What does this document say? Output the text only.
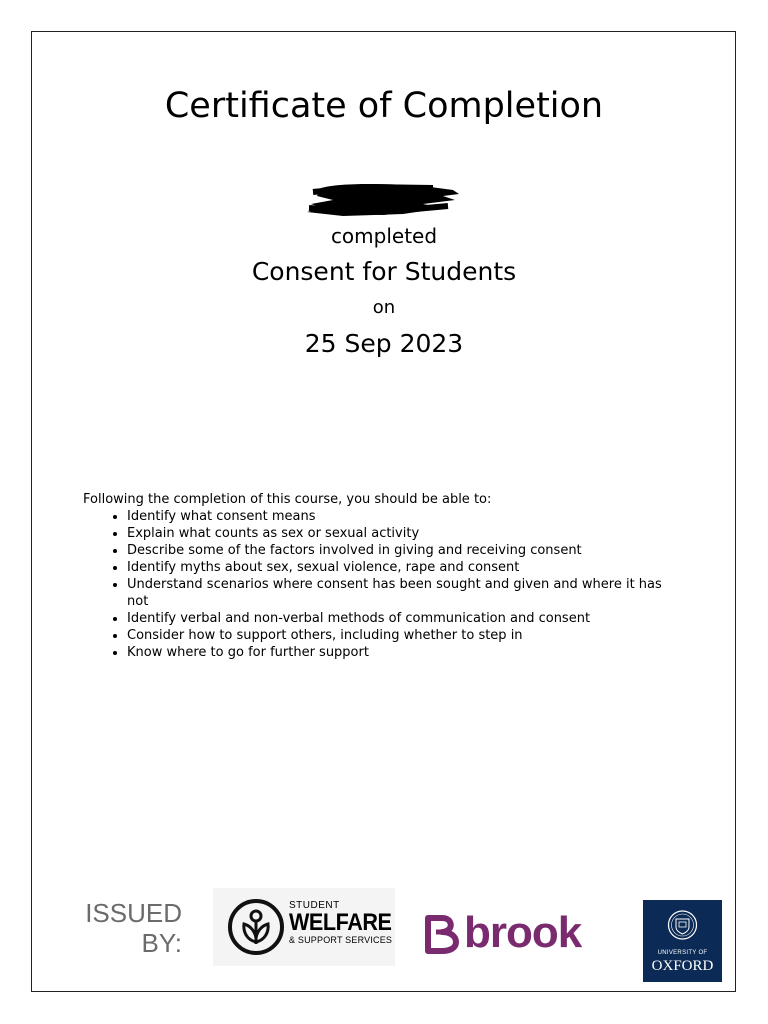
Certificate of Completion
completed
Consent for Students
on
25 Sep 2023

Following the completion of this course, you should be able to:

• Identify what consent means
• Explain what counts as sex or sexual activity
• Describe some of the factors involved in giving and receiving consent
• Identify myths about sex, sexual violence, rape and consent
• Understand scenarios where consent has been sought and given and where it has not
• Identify verbal and non-verbal methods of communication and consent
• Consider how to support others, including whether to step in
• Know where to go for further support
ISSUED
BY:
STUDENT
WELFARE
& SUPPORT SERVICES brook	UNIVERSITY OF
OXFORD
